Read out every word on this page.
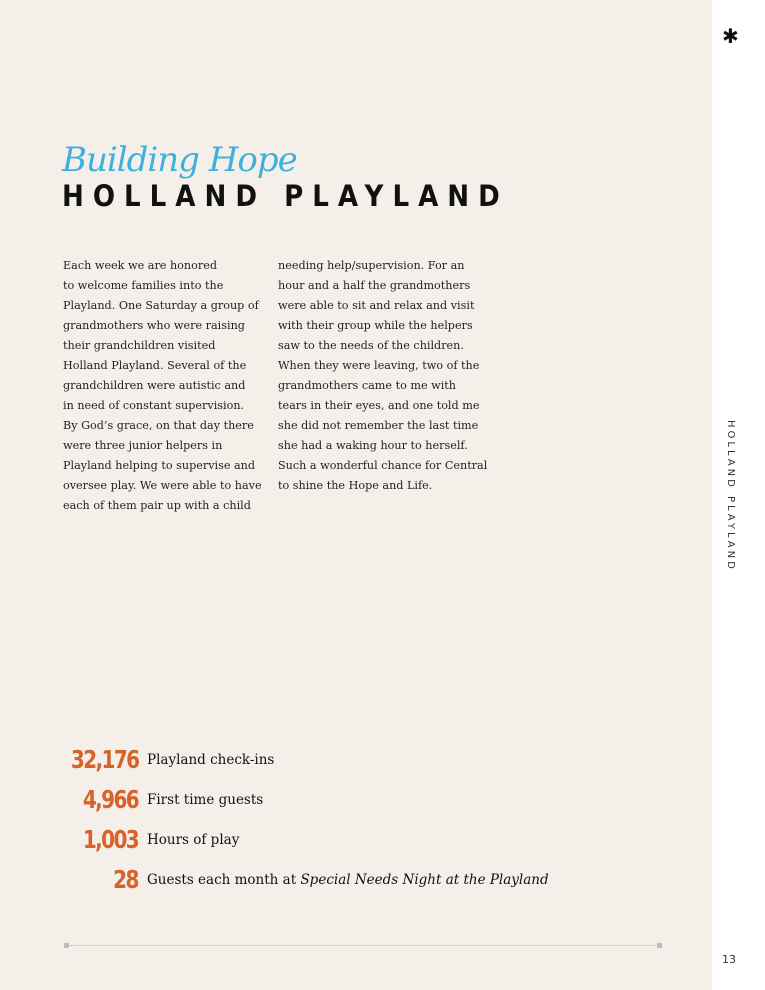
✱
HOLLAND PLAYLAND
13
Building Hope
HOLLAND PLAYLAND
Each week we are honored
to welcome families into the
Playland. One Saturday a group of
grandmothers who were raising
their grandchildren visited
Holland Playland. Several of the
grandchildren were autistic and
in need of constant supervision.
By God’s grace, on that day there
were three junior helpers in
Playland helping to supervise and
oversee play. We were able to have
each of them pair up with a child
needing help/supervision. For an
hour and a half the grandmothers
were able to sit and relax and visit
with their group while the helpers
saw to the needs of the children.
When they were leaving, two of the
grandmothers came to me with
tears in their eyes, and one told me
she did not remember the last time
she had a waking hour to herself.
Such a wonderful chance for Central
to shine the Hope and Life.
32,176 Playland check-ins
4,966 First time guests
1,003 Hours of play
28 Guests each month at Special Needs Night at the Playland
